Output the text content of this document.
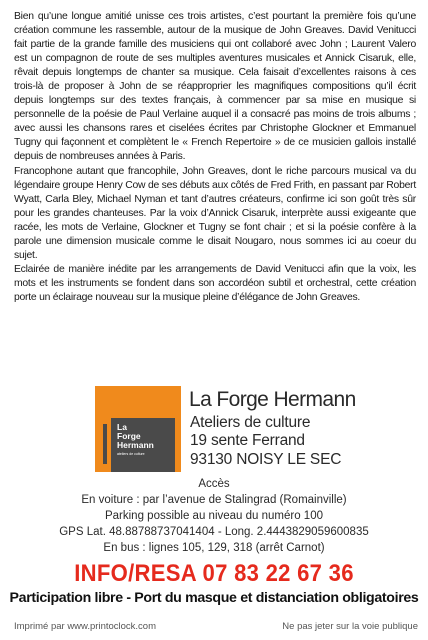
Bien qu’une longue amitié unisse ces trois artistes, c’est pourtant la première fois qu’une création commune les rassemble, autour de la musique de John Greaves. David Venitucci fait partie de la grande famille des musiciens qui ont collaboré avec John ; Laurent Valero est un compagnon de route de ses multiples aventures musicales et Annick Cisaruk, elle, rêvait depuis longtemps de chanter sa musique. Cela faisait d’excellentes raisons à ces trois-là de proposer à John de se réapproprier les magnifiques compositions qu’il écrit depuis longtemps sur des textes français, à commencer par sa mise en musique si personnelle de la poésie de Paul Verlaine auquel il a consacré pas moins de trois albums ; avec aussi les chansons rares et ciselées écrites par Christophe Glockner et Emmanuel Tugny qui façonnent et complètent le « French Repertoire » de ce musicien gallois installé depuis de nombreuses années à Paris.

Francophone autant que francophile, John Greaves, dont le riche parcours musical va du légendaire groupe Henry Cow de ses débuts aux côtés de Fred Frith, en passant par Robert Wyatt, Carla Bley, Michael Nyman et tant d’autres créateurs, confirme ici son goût très sûr pour les grandes chanteuses. Par la voix d’Annick Cisaruk, interprète aussi exigeante que racée, les mots de Verlaine, Glockner et Tugny se font chair ; et si la poésie confère à la parole une dimension musicale comme le disait Nougaro, nous sommes ici au coeur du sujet.

Eclairée de manière inédite par les arrangements de David Venitucci afin que la voix, les mots et les instruments se fondent dans son accordéon subtil et orchestral, cette création porte un éclairage nouveau sur la musique pleine d’élégance de John Greaves.

La
Forge
Hermann
ateliers de culture
La Forge Hermann
Ateliers de culture
19 sente Ferrand
93130 NOISY LE SEC
Accès
En voiture : par l’avenue de Stalingrad (Romainville)
Parking possible au niveau du numéro 100
GPS Lat. 48.88788737041404 - Long. 2.4443829059600835
En bus : lignes 105, 129, 318 (arrêt Carnot)
INFO/RESA 07 83 22 67 36
Participation libre - Port du masque et distanciation obligatoires
Imprimé par www.printoclock.com	Ne pas jeter sur la voie publique
